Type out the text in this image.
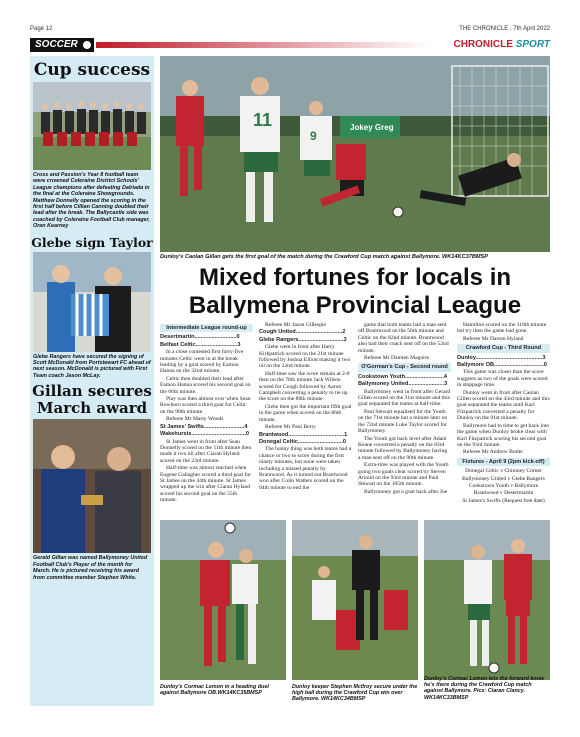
Page 12	THE CHRONICLE , 7th April 2022
SOCCER	CHRONICLE SPORT
Cup success
Cross and Passion's Year 8 football team were crowned Coleraine District Schools' League champions after defeating Dalriada in the final at the Coleraine Showgrounds. Matthew Donnelly opened the scoring in the first half before Cillian Canning doubled their lead after the break. The Ballycastle side was coached by Coleraine Football Club manager, Oran Kearney
Glebe sign Taylor
Glebe Rangers have secured the signing of Scott McDonald from Portstewart FC ahead of next season. McDonald is pictured with First Team coach Jason McLay.
Gillan secures March award
Gerald Gillan was named Ballymoney United Football Club's Player of the month for March. He is pictured receiving his award from committee member Stephen White.
Jokey Greg
11
9
Dunloy's Caolan Gillan gets the first goal of the match during the Crawford Cup match against Ballymore. WK14KC37BMSP
Mixed fortunes for locals in Ballymena Provincial League
Intermediate League round-up

Desertmartin...........................0

Belfast Celtic...........................3

In a close contested first forty-five minutes Celtic went in at the break leading by a goal scored by Eamon Hanna on the 32nd minute.

Celtic then doubled their lead after Eamon Hanna scored his second goal on the 66th minute.

Play was then almost over when Sean Rowhorn scored a third goal for Celtic on the 90th minute.

Referee Mr Marty Woods

St James' Swifts..........................4

Wakehursts...................................0

St James went in front after Sean Donnelly scored on the 11th minute then made it two nil after Ciaran Hyland scored on the 23rd minute.

Half-time was almost reached when Eugene Gallagher scored a third goal for St James on the 44th minute. St James wrapped up the win after Ciaran Hyland scored his second goal on the 55th minute.

Referee Mr Jason Gillespie

Cough United..............................2

Glebe Rangers.............................3

Glebe went in front after Harry Kirkpatrick scored on the 21st minute followed by Joshua Elliott making it two nil on the 22nd minute.

Half-time saw the score remain at 2-0 then on the 78th minute Jack Wilson scored for Cough followed by Aaron Campbell converting a penalty to tie up the score on the 80th minute.

Glebe then got the important fifth goal in the game when scored on the 86th minute.

Referee Mr Paul Berry

Brantwood....................................1

Donegal Celtic.............................0

The hunny thing was both teams had a chance or two to score during the first ninety minutes, but none were taken including a missed penalty by Brantwood. As it turned out Brantwood won after Colin Watters scored on the 94th minute to end the

game that both teams had a man sent off Brantwood on the 56th minute and Celtic on the 82nd minute. Brantwood also had their coach sent off on the 52nd minute.

Referee Mr Damien Maguire

O'Gorman's Cup - Second round

Cookstown Youth.........................4

Ballymoney United.......................3

Ballymoney went in front after Gerard Gillen scored on the 31st minute and this goal separated the teams at half-time.

Paul Stewart equalised for the Youth on the 71st minute but a minute later on the 72nd minute Luke Taylor scored for Ballymoney.

The Youth got back level after Adam Keane converted a penalty on the 83rd minute followed by Ballymoney having a man sent off on the 90th minute.

Extra-time was played with the Youth going two goals clear scored by Steven Arnold on the 93rd minute and Paul Stewart on the 105th minute.

Ballymoney got a goal back after Joe

Hamilton scored on the 110th minute but try then the game had gone.

Referee Mr Darren Hyland

Crawford Cup - Third Round

Dunloy...........................................3

Ballymore OB................................0

This game was closer than the score suggests as two of the goals were scored in stoppage time.

Dunloy went in front after Caolan Gillen scored on the 43rd minute and this goal separated the teams until Karl Fitzpatrick converted a penalty for Dunloy on the 91st minute.

Ballymore had to time to get back into the game when Dunloy broke clear with Karl Fitzpatrick scoring his second goal on the 93rd minute.

Referee Mr Andrew Butler

Fixtures - April 9 (2pm kick-off)

Donegal Celtic v Chimney Corner

Ballymoney United v Glebe Rangers

Cookstown Youth v Ballymore

Brantwood v Desertmartin

St James's Swifts (Request free date)

Dunloy's Cormac Lemon in a heading duel against Ballymore OB.WK14KC35BMSP
Dunloy keeper Stephen McIlroy secure under the high ball during the Crawford Cup win over Ballymore. WK14KC34BMSP
Dunloy's Cormac Lemon lets the forward know he's there during the Crawford Cup match against Ballymore. Pics: Ciaran Clancy. WK14KC33BMSP
